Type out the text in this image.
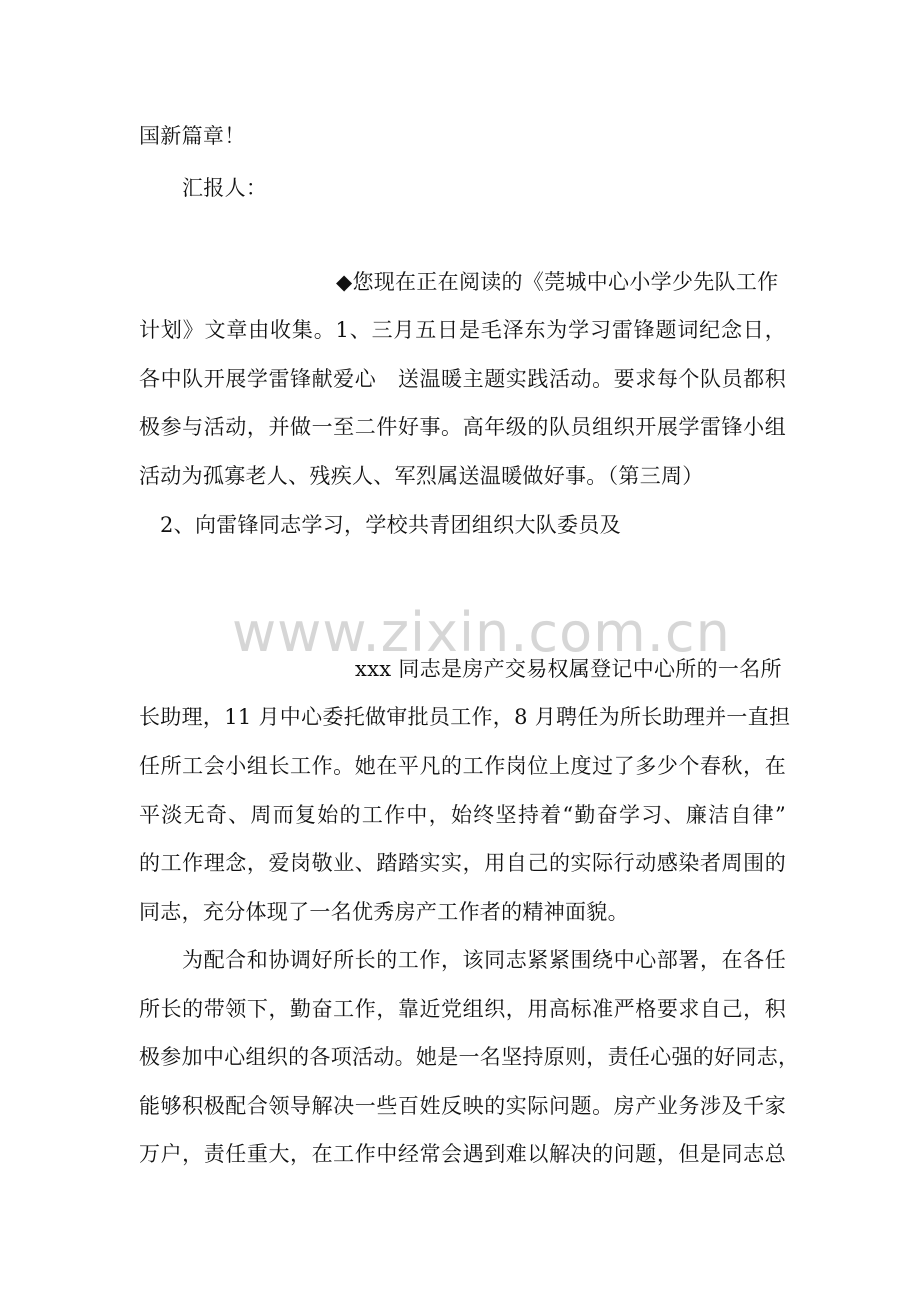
国新篇章！
汇报人：
◆您现在正在阅读的《莞城中心小学少先队工作
计划》文章由收集。1、三月五日是毛泽东为学习雷锋题词纪念日，
各中队开展学雷锋献爱心　送温暖主题实践活动。要求每个队员都积
极参与活动，并做一至二件好事。高年级的队员组织开展学雷锋小组
活动为孤寡老人、残疾人、军烈属送温暖做好事。（第三周）
2、向雷锋同志学习，学校共青团组织大队委员及
www.zixin.com.cn
xxx 同志是房产交易权属登记中心所的一名所
长助理，11 月中心委托做审批员工作，8 月聘任为所长助理并一直担
任所工会小组长工作。她在平凡的工作岗位上度过了多少个春秋，在
平淡无奇、周而复始的工作中，始终坚持着“勤奋学习、廉洁自律”
的工作理念，爱岗敬业、踏踏实实，用自己的实际行动感染者周围的
同志，充分体现了一名优秀房产工作者的精神面貌。
为配合和协调好所长的工作，该同志紧紧围绕中心部署，在各任
所长的带领下，勤奋工作，靠近党组织，用高标准严格要求自己，积
极参加中心组织的各项活动。她是一名坚持原则，责任心强的好同志，
能够积极配合领导解决一些百姓反映的实际问题。房产业务涉及千家
万户，责任重大，在工作中经常会遇到难以解决的问题，但是同志总
